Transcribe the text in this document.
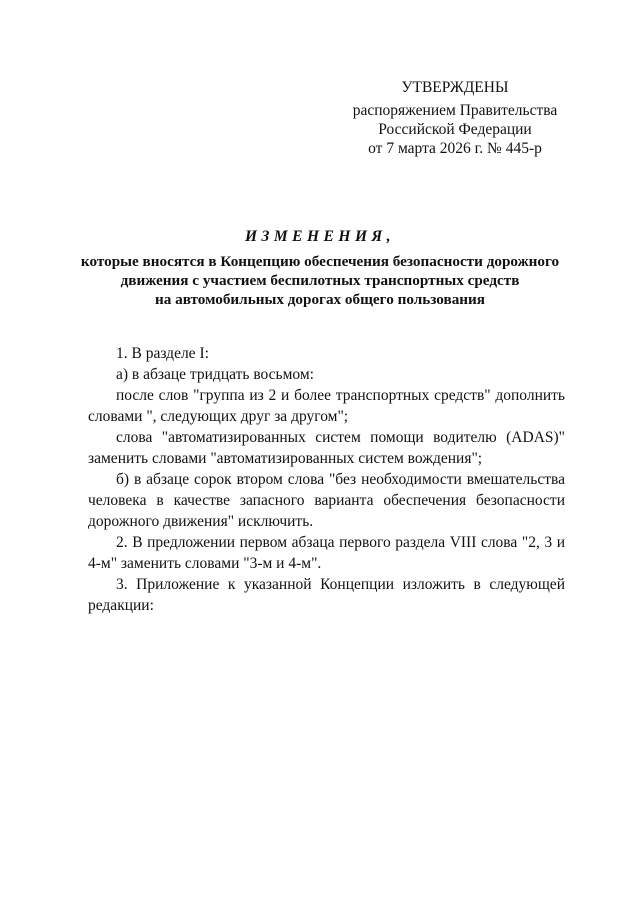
УТВЕРЖДЕНЫ
распоряжением Правительства
Российской Федерации
от 7 марта 2026 г. № 445-р
ИЗМЕНЕНИЯ,
которые вносятся в Концепцию обеспечения безопасности дорожного
движения с участием беспилотных транспортных средств
на автомобильных дорогах общего пользования

1. В разделе I:

а) в абзаце тридцать восьмом:

после слов "группа из 2 и более транспортных средств" дополнить словами ", следующих друг за другом";

слова "автоматизированных систем помощи водителю (ADAS)" заменить словами "автоматизированных систем вождения";

б) в абзаце сорок втором слова "без необходимости вмешательства человека в качестве запасного варианта обеспечения безопасности дорожного движения" исключить.

2. В предложении первом абзаца первого раздела VIII слова "2, 3 и 4-м" заменить словами "3-м и 4-м".

3. Приложение к указанной Концепции изложить в следующей редакции:
